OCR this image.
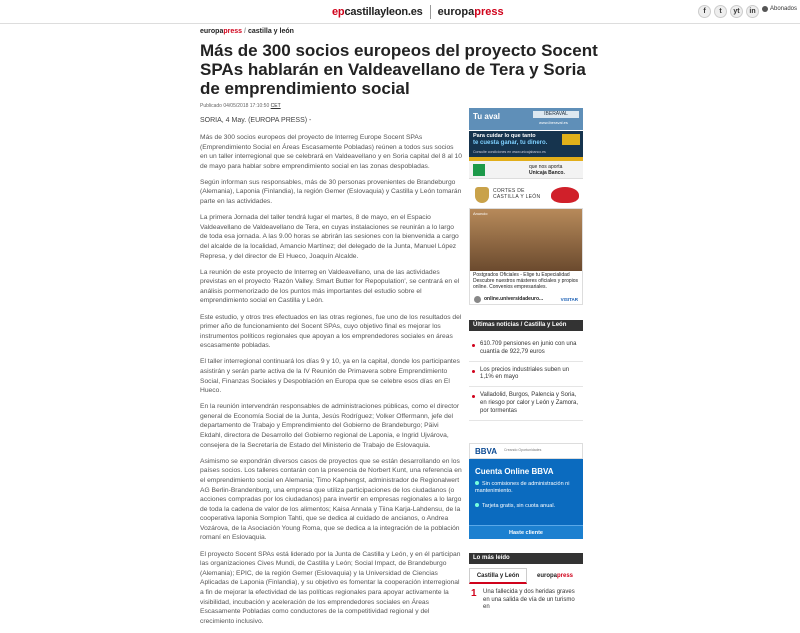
epcastillayleon.es europapress	f	t	yt	in	Abonados
europapress / castilla y león
Más de 300 socios europeos del proyecto Socent SPAs hablarán en Valdeavellano de Tera y Soria de emprendimiento social
Publicado 04/05/2018 17:10:50 CET
SORIA, 4 May. (EUROPA PRESS) -

Más de 300 socios europeos del proyecto de Interreg Europe Socent SPAs (Emprendimiento Social en Áreas Escasamente Pobladas) reúnen a todos sus socios en un taller interregional que se celebrará en Valdeavellano y en Soria capital del 8 al 10 de mayo para hablar sobre emprendimiento social en las zonas despobladas.

Según informan sus responsables, más de 30 personas provenientes de Brandeburgo (Alemania), Laponia (Finlandia), la región Gemer (Eslovaquia) y Castilla y León tomarán parte en las actividades.

La primera Jornada del taller tendrá lugar el martes, 8 de mayo, en el Espacio Valdeavellano de Valdeavellano de Tera, en cuyas instalaciones se reunirán a lo largo de toda esa jornada. A las 9.00 horas se abrirán las sesiones con la bienvenida a cargo del alcalde de la localidad, Amancio Martínez; del delegado de la Junta, Manuel López Represa, y del director de El Hueco, Joaquín Alcalde.

La reunión de este proyecto de Interreg en Valdeavellano, una de las actividades previstas en el proyecto 'Razón Valley. Smart Butter for Repopulation', se centrará en el análisis pormenorizado de los puntos más importantes del estudio sobre el emprendimiento social en Castilla y León.

Este estudio, y otros tres efectuados en las otras regiones, fue uno de los resultados del primer año de funcionamiento del Socent SPAs, cuyo objetivo final es mejorar los instrumentos políticos regionales que apoyan a los emprendedores sociales en áreas escasamente pobladas.

El taller interregional continuará los días 9 y 10, ya en la capital, donde los participantes asistirán y serán parte activa de la IV Reunión de Primavera sobre Emprendimiento Social, Finanzas Sociales y Despoblación en Europa que se celebre esos días en El Hueco.

En la reunión intervendrán responsables de administraciones públicas, como el director general de Economía Social de la Junta, Jesús Rodríguez; Volker Offermann, jefe del departamento de Trabajo y Emprendimiento del Gobierno de Brandeburgo; Päivi Ekdahl, directora de Desarrollo del Gobierno regional de Laponia, e Ingrid Ujvárova, consejera de la Secretaría de Estado del Ministerio de Trabajo de Eslovaquia.

Asimismo se expondrán diversos casos de proyectos que se están desarrollando en los países socios. Los talleres contarán con la presencia de Norbert Kunt, una referencia en el emprendimiento social en Alemania; Timo Kaphengst, administrador de Regionalwert AG Berlin-Brandenburg, una empresa que utiliza participaciones de los ciudadanos (o acciones compradas por los ciudadanos) para invertir en empresas regionales a lo largo de toda la cadena de valor de los alimentos; Kaisa Annala y Tiina Karja-Lahdensu, de la cooperativa laponia Sompion Tahti, que se dedica al cuidado de ancianos, o Andrea Vozárova, de la Asociación Young Roma, que se dedica a la integración de la población romaní en Eslovaquia.

El proyecto Socent SPAs está liderado por la Junta de Castilla y León, y en él participan las organizaciones Cives Mundi, de Castilla y León; Social Impact, de Brandeburgo (Alemania); EPIC, de la región Gemer (Eslovaquia) y la Universidad de Ciencias Aplicadas de Laponia (Finlandia), y su objetivo es fomentar la cooperación interregional a fin de mejorar la efectividad de las políticas regionales para apoyar activamente la visibilidad, incubación y aceleración de los emprendedores sociales en Áreas Escasamente Pobladas como conductores de la competitividad regional y del crecimiento inclusivo.

Tu aval	IBERAVAL
www.iberaval.es
Para cuidar lo que tanto
te cuesta ganar, tu dinero.
Consulte condiciones en www.unicajabanco.es
que nos aporta
Unicaja Banco.
CORTES DE
CASTILLA Y LEÓN
Anuncio
Postgrados Oficiales - Elige tu Especialidad Descubre nuestros másteres oficiales y propios online. Convenios empresariales.
online.universidadeuro...	VISITAR
Últimas noticias / Castilla y León
610.709 pensiones en junio con una cuantía de 922,79 euros
Los precios industriales suben un 1,1% en mayo
Valladolid, Burgos, Palencia y Soria, en riesgo por calor y León y Zamora, por tormentas
BBVA Creando Oportunidades
Cuenta Online BBVA
Sin comisiones de administración ni mantenimiento.
Tarjeta gratis, sin cuota anual.
Haste cliente
Lo más leído
Castilla y León	europa press
1 Una fallecida y dos heridas graves en una salida de vía de un turismo en
